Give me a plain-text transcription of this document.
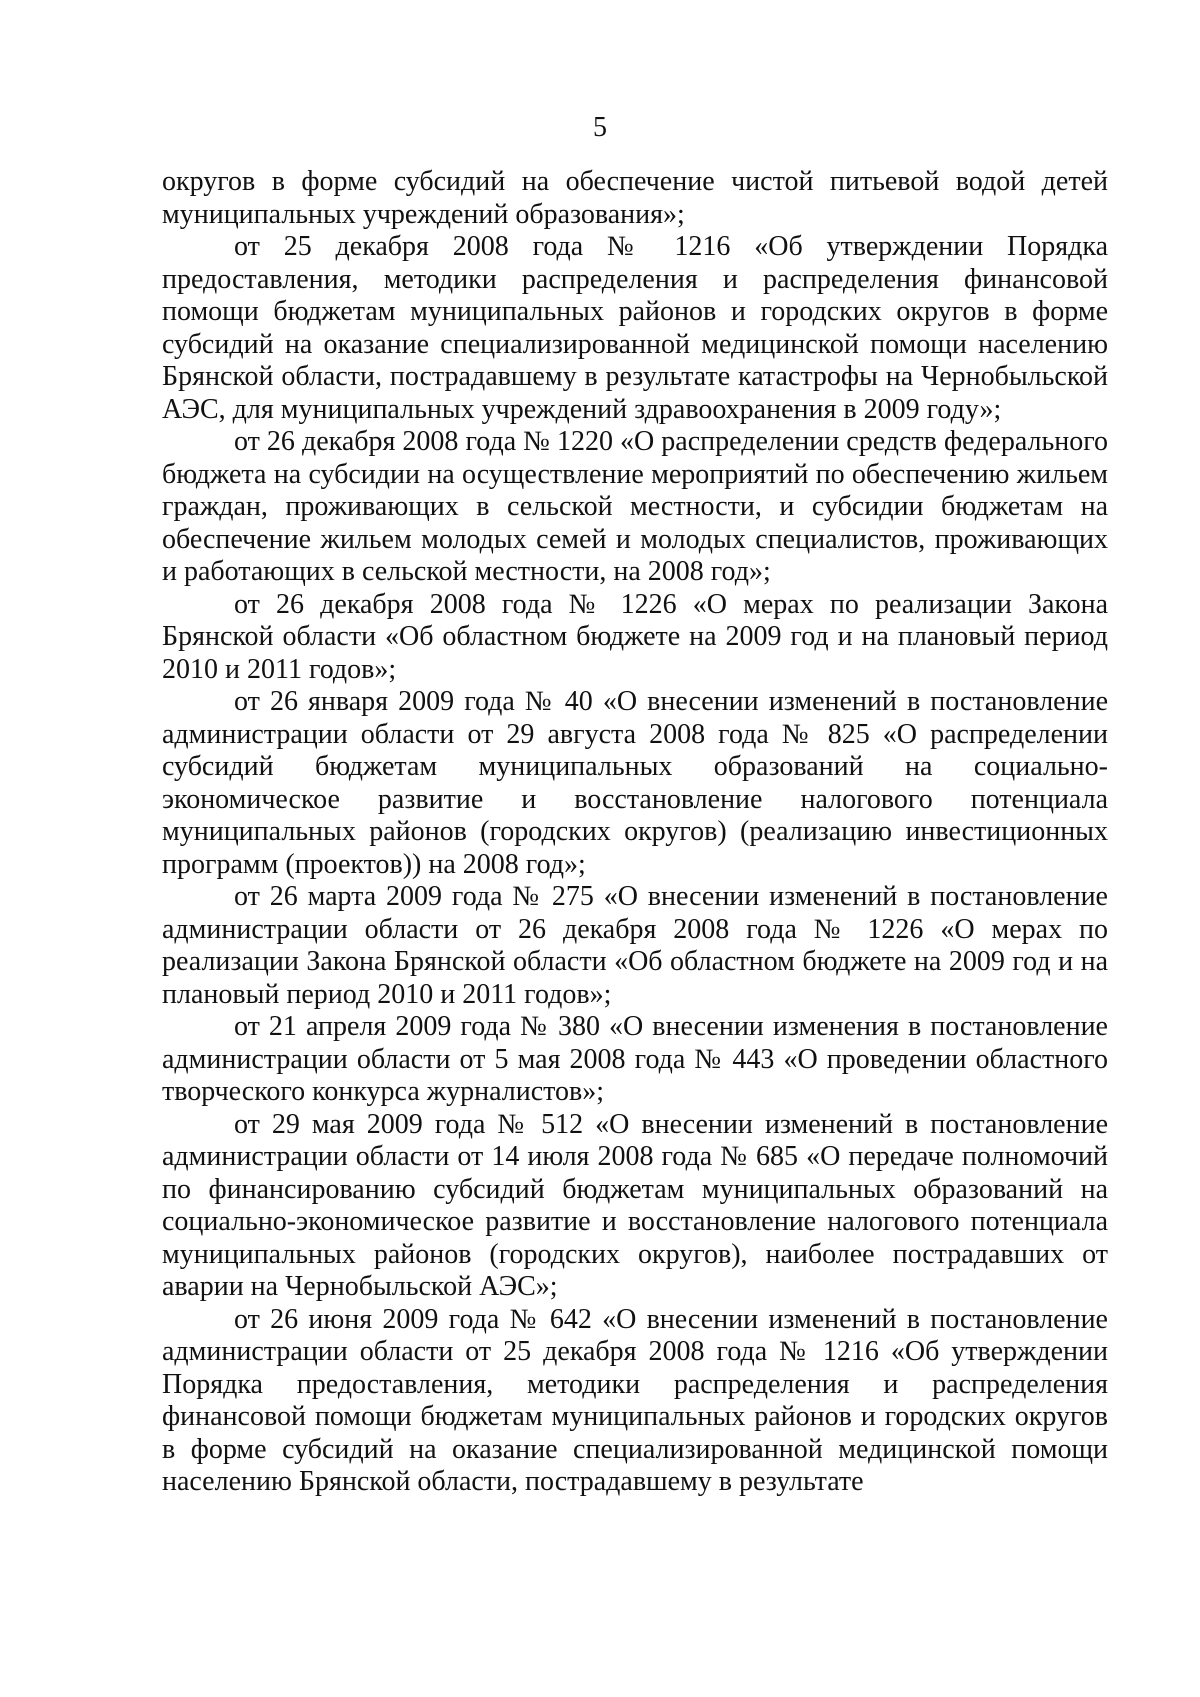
5

округов в форме субсидий на обеспечение чистой питьевой водой детей муниципальных учреждений образования»;

от 25 декабря 2008 года № 1216 «Об утверждении Порядка предоставления, методики распределения и распределения финансовой помощи бюджетам муниципальных районов и городских округов в форме субсидий на оказание специализированной медицинской помощи населению Брянской области, пострадавшему в результате катастрофы на Чернобыльской АЭС, для муниципальных учреждений здравоохранения в 2009 году»;

от 26 декабря 2008 года № 1220 «О распределении средств федерального бюджета на субсидии на осуществление мероприятий по обеспечению жильем граждан, проживающих в сельской местности, и субсидии бюджетам на обеспечение жильем молодых семей и молодых специалистов, проживающих и работающих в сельской местности, на 2008 год»;

от 26 декабря 2008 года № 1226 «О мерах по реализации Закона Брянской области «Об областном бюджете на 2009 год и на плановый период 2010 и 2011 годов»;

от 26 января 2009 года № 40 «О внесении изменений в постановление администрации области от 29 августа 2008 года № 825 «О распределении субсидий бюджетам муниципальных образований на социально-экономическое развитие и восстановление налогового потенциала муниципальных районов (городских округов) (реализацию инвестиционных программ (проектов)) на 2008 год»;

от 26 марта 2009 года № 275 «О внесении изменений в постановление администрации области от 26 декабря 2008 года № 1226 «О мерах по реализации Закона Брянской области «Об областном бюджете на 2009 год и на плановый период 2010 и 2011 годов»;

от 21 апреля 2009 года № 380 «О внесении изменения в постановление администрации области от 5 мая 2008 года № 443 «О проведении областного творческого конкурса журналистов»;

от 29 мая 2009 года № 512 «О внесении изменений в постановление администрации области от 14 июля 2008 года № 685 «О передаче полномочий по финансированию субсидий бюджетам муниципальных образований на социально-экономическое развитие и восстановление налогового потенциала муниципальных районов (городских округов), наиболее пострадавших от аварии на Чернобыльской АЭС»;

от 26 июня 2009 года № 642 «О внесении изменений в постановление администрации области от 25 декабря 2008 года № 1216 «Об утверждении Порядка предоставления, методики распределения и распределения финансовой помощи бюджетам муниципальных районов и городских округов в форме субсидий на оказание специализированной медицинской помощи населению Брянской области, пострадавшему в результате
